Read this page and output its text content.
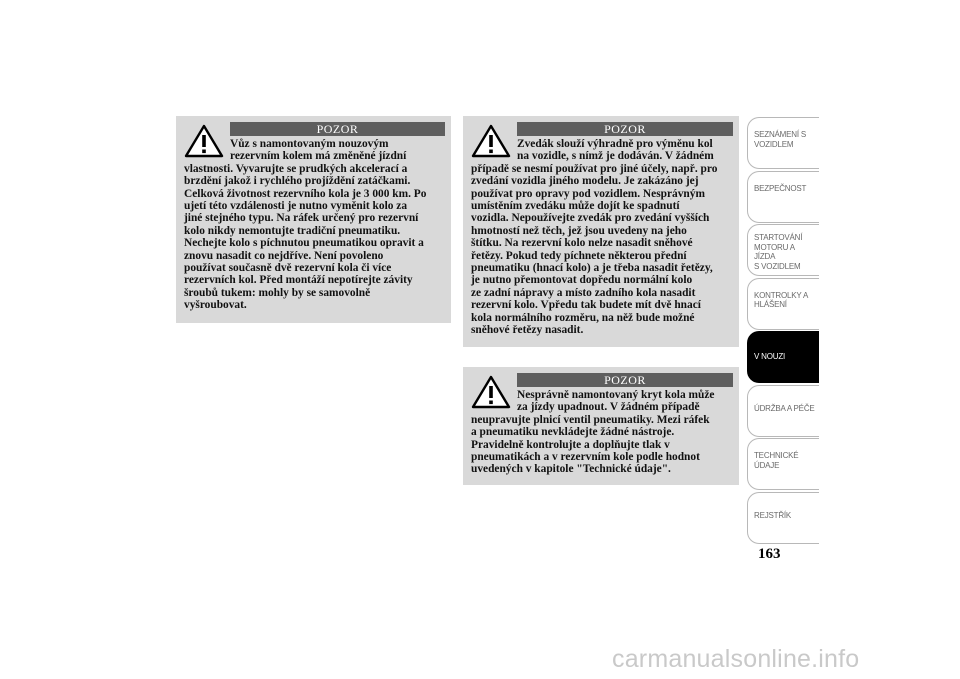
POZOR
Vůz s namontovaným nouzovým
rezervním kolem má změněné jízdní
vlastnosti. Vyvarujte se prudkých akcelerací a
brzdění jakož i rychlého projíždění zatáčkami.
Celková životnost rezervního kola je 3 000 km. Po
ujetí této vzdálenosti je nutno vyměnit kolo za
jiné stejného typu. Na ráfek určený pro rezervní
kolo nikdy nemontujte tradiční pneumatiku.
Nechejte kolo s píchnutou pneumatikou opravit a
znovu nasadit co nejdříve. Není povoleno
používat současně dvě rezervní kola či více
rezervních kol. Před montáží nepotírejte závity
šroubů tukem: mohly by se samovolně
vyšroubovat.
POZOR
Zvedák slouží výhradně pro výměnu kol
na vozidle, s nímž je dodáván. V žádném
případě se nesmí používat pro jiné účely, např. pro
zvedání vozidla jiného modelu. Je zakázáno jej
používat pro opravy pod vozidlem. Nesprávným
umístěním zvedáku může dojít ke spadnutí
vozidla. Nepoužívejte zvedák pro zvedání vyšších
hmotností než těch, jež jsou uvedeny na jeho
štítku. Na rezervní kolo nelze nasadit sněhové
řetězy. Pokud tedy píchnete některou přední
pneumatiku (hnací kolo) a je třeba nasadit řetězy,
je nutno přemontovat dopředu normální kolo
ze zadní nápravy a místo zadního kola nasadit
rezervní kolo. Vpředu tak budete mít dvě hnací
kola normálního rozměru, na něž bude možné
sněhové řetězy nasadit.
POZOR
Nesprávně namontovaný kryt kola může
za jízdy upadnout. V žádném případě
neupravujte plnicí ventil pneumatiky. Mezi ráfek
a pneumatiku nevkládejte žádné nástroje.
Pravidelně kontrolujte a doplňujte tlak v
pneumatikách a v rezervním kole podle hodnot
uvedených v kapitole "Technické údaje".
SEZNÁMENÍ S
VOZIDLEM
BEZPEČNOST
STARTOVÁNÍ
MOTORU A JÍZDA
S VOZIDLEM
KONTROLKY A
HLÁŠENÍ
V NOUZI
ÚDRŽBA A PÉČE
TECHNICKÉ
ÚDAJE
REJSTŘÍK
163
carmanualsonline.info
